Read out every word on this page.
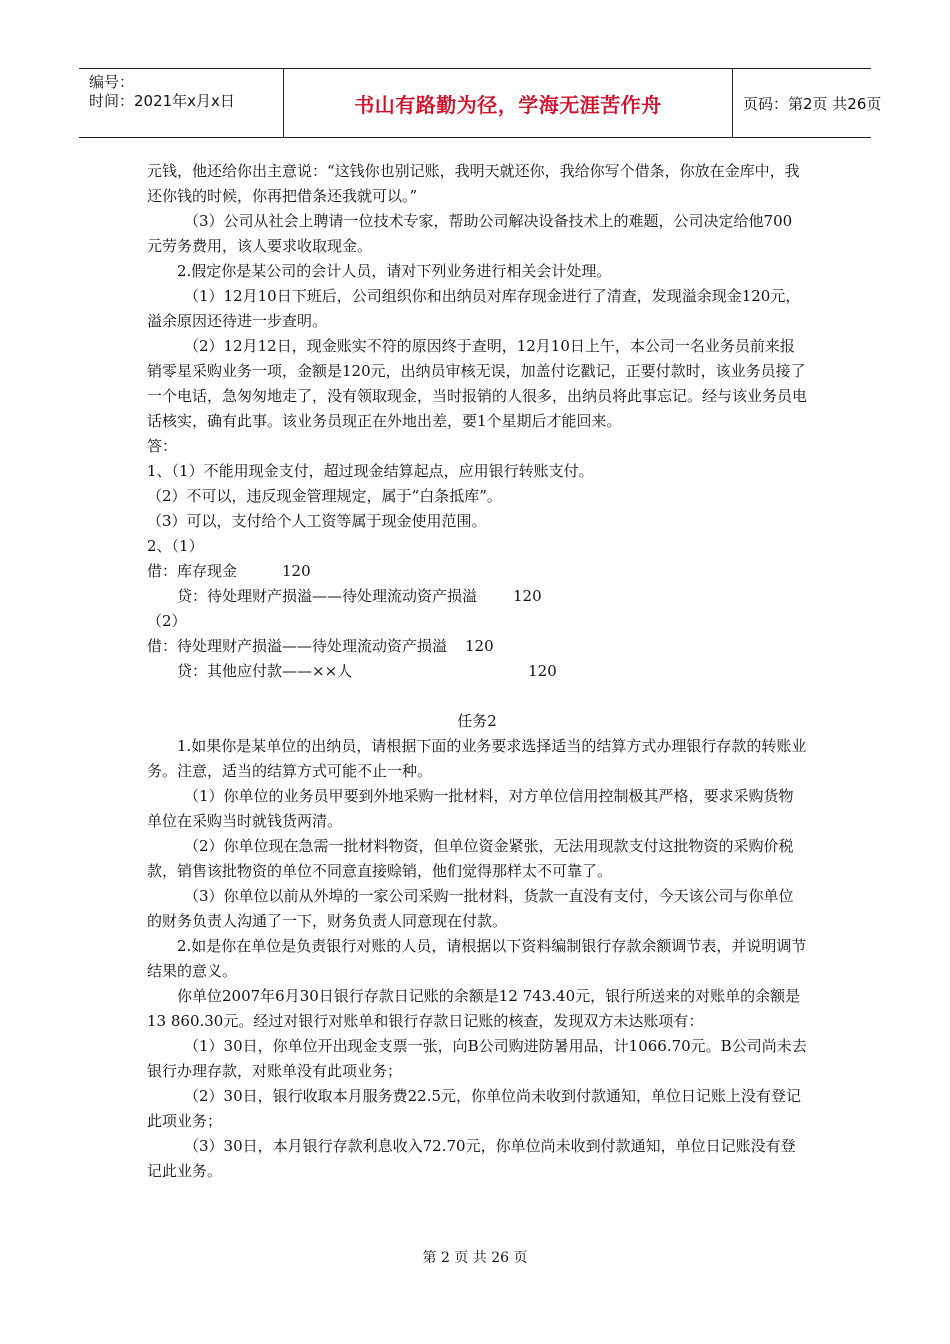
编号：
时间：2021年x月x日	书山有路勤为径，学海无涯苦作舟	页码：第2页 共26页

元钱，他还给你出主意说：“这钱你也别记账，我明天就还你，我给你写个借条，你放在金库中，我还你钱的时候，你再把借条还我就可以。”

（3）公司从社会上聘请一位技术专家，帮助公司解决设备技术上的难题，公司决定给他700元劳务费用，该人要求收取现金。

2.假定你是某公司的会计人员，请对下列业务进行相关会计处理。

（1）12月10日下班后，公司组织你和出纳员对库存现金进行了清查，发现溢余现金120元，溢余原因还待进一步查明。

（2）12月12日，现金账实不符的原因终于查明，12月10日上午，本公司一名业务员前来报销零星采购业务一项，金额是120元，出纳员审核无误，加盖付讫戳记，正要付款时，该业务员接了一个电话，急匆匆地走了，没有领取现金，当时报销的人很多，出纳员将此事忘记。经与该业务员电话核实，确有此事。该业务员现正在外地出差，要1个星期后才能回来。

答：

1、（1）不能用现金支付，超过现金结算起点，应用银行转账支付。

（2）不可以，违反现金管理规定，属于“白条抵库”。

（3）可以，支付给个人工资等属于现金使用范围。

2、（1）

借：库存现金	120

贷：待处理财产损溢——待处理流动资产损溢 120

（2）

借：待处理财产损溢——待处理流动资产损溢 120

贷：其他应付款——××人	120

任务2

1.如果你是某单位的出纳员，请根据下面的业务要求选择适当的结算方式办理银行存款的转账业务。注意，适当的结算方式可能不止一种。

（1）你单位的业务员甲要到外地采购一批材料，对方单位信用控制极其严格，要求采购货物单位在采购当时就钱货两清。

（2）你单位现在急需一批材料物资，但单位资金紧张，无法用现款支付这批物资的采购价税款，销售该批物资的单位不同意直接赊销，他们觉得那样太不可靠了。

（3）你单位以前从外埠的一家公司采购一批材料，货款一直没有支付，今天该公司与你单位的财务负责人沟通了一下，财务负责人同意现在付款。

2.如是你在单位是负责银行对账的人员，请根据以下资料编制银行存款余额调节表，并说明调节结果的意义。

你单位2007年6月30日银行存款日记账的余额是12 743.40元，银行所送来的对账单的余额是13 860.30元。经过对银行对账单和银行存款日记账的核查，发现双方未达账项有：

（1）30日，你单位开出现金支票一张，向B公司购进防暑用品，计1066.70元。B公司尚未去银行办理存款，对账单没有此项业务；

（2）30日，银行收取本月服务费22.5元，你单位尚未收到付款通知，单位日记账上没有登记此项业务；

（3）30日，本月银行存款利息收入72.70元，你单位尚未收到付款通知，单位日记账没有登记此业务。

第 2 页 共 26 页
